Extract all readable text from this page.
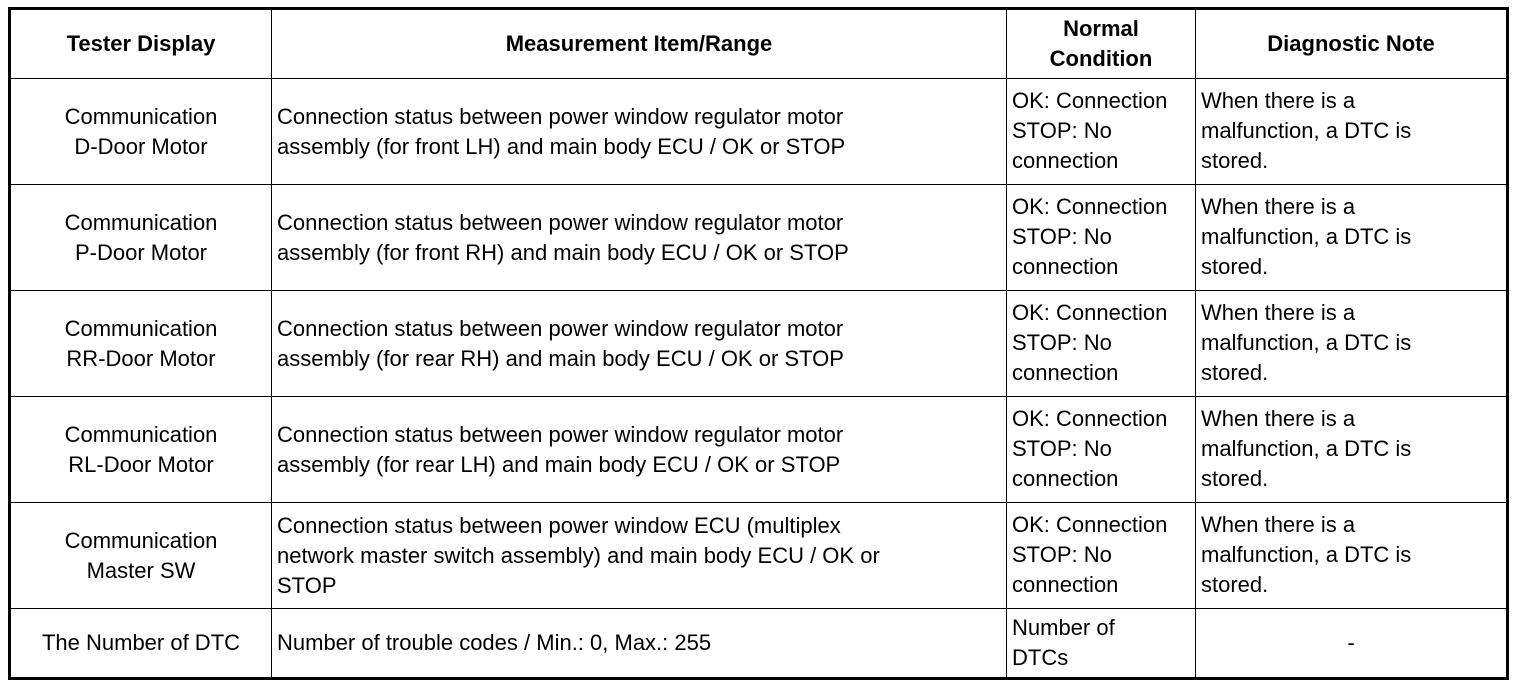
Tester Display	Measurement Item/Range	Normal
Condition	Diagnostic Note

Communication
D-Door Motor	Connection status between power window regulator motor
assembly (for front LH) and main body ECU / OK or STOP	OK: Connection
STOP: No
connection	When there is a
malfunction, a DTC is
stored.

Communication
P-Door Motor	Connection status between power window regulator motor
assembly (for front RH) and main body ECU / OK or STOP	OK: Connection
STOP: No
connection	When there is a
malfunction, a DTC is
stored.

Communication
RR-Door Motor	Connection status between power window regulator motor
assembly (for rear RH) and main body ECU / OK or STOP	OK: Connection
STOP: No
connection	When there is a
malfunction, a DTC is
stored.

Communication
RL-Door Motor	Connection status between power window regulator motor
assembly (for rear LH) and main body ECU / OK or STOP	OK: Connection
STOP: No
connection	When there is a
malfunction, a DTC is
stored.

Communication
Master SW	Connection status between power window ECU (multiplex
network master switch assembly) and main body ECU / OK or
STOP	OK: Connection
STOP: No
connection	When there is a
malfunction, a DTC is
stored.

The Number of DTC	Number of trouble codes / Min.: 0, Max.: 255	Number of
DTCs	-
